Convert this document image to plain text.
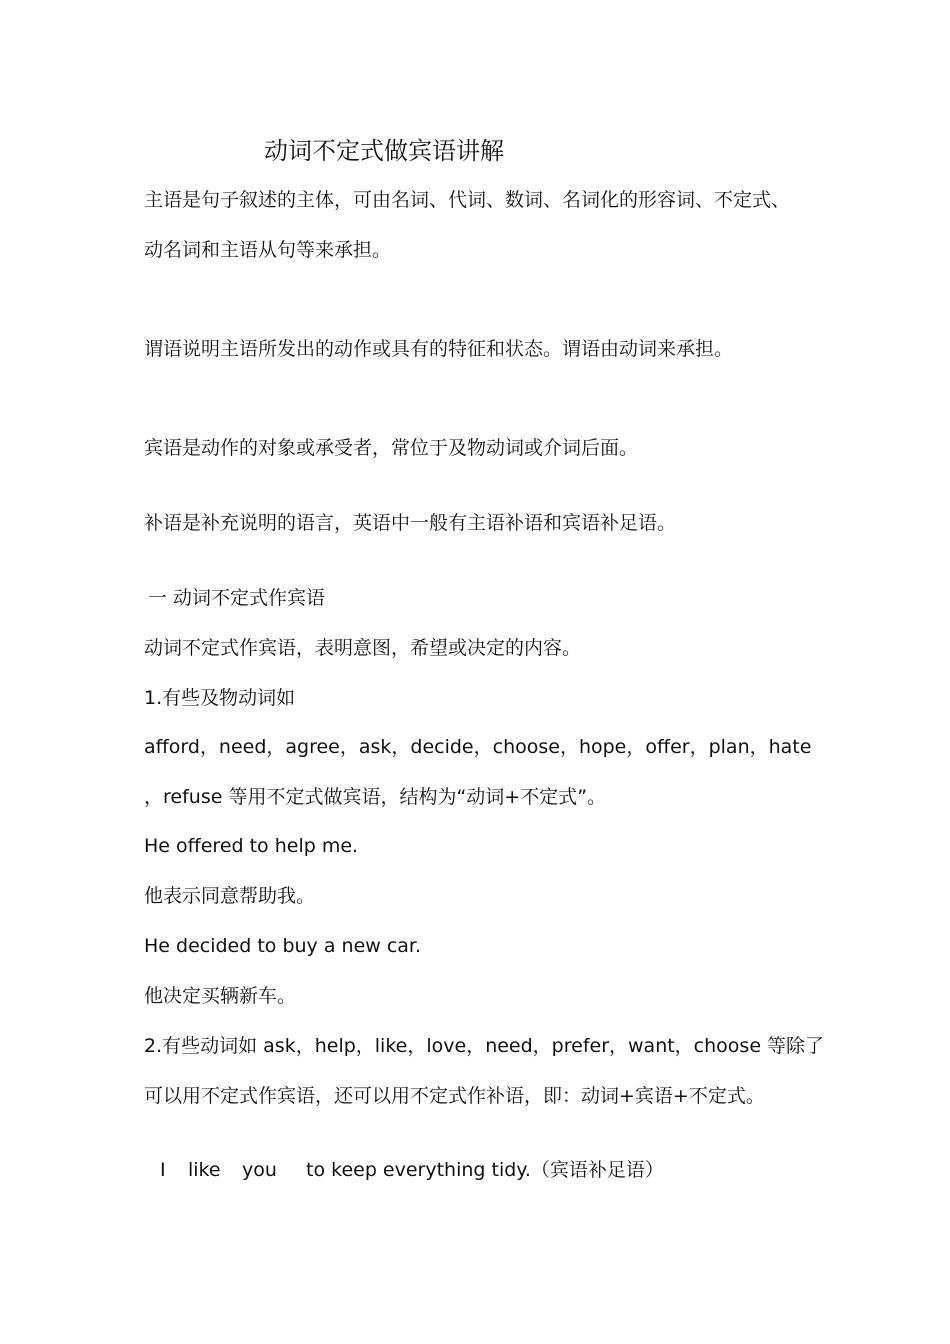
动词不定式做宾语讲解
主语是句子叙述的主体，可由名词、代词、数词、名词化的形容词、不定式、
动名词和主语从句等来承担。
谓语说明主语所发出的动作或具有的特征和状态。谓语由动词来承担。
宾语是动作的对象或承受者，常位于及物动词或介词后面。
补语是补充说明的语言，英语中一般有主语补语和宾语补足语。
一 动词不定式作宾语
动词不定式作宾语，表明意图，希望或决定的内容。
1.有些及物动词如
afford，need，agree，ask，decide，choose，hope，offer，plan，hate
，refuse 等用不定式做宾语，结构为“动词+不定式”。
He offered to help me.
他表示同意帮助我。
He decided to buy a new car.
他决定买辆新车。
2.有些动词如 ask，help，like，love，need，prefer，want，choose 等除了
可以用不定式作宾语，还可以用不定式作补语，即：动词+宾语+不定式。
I like you to keep everything tidy.（宾语补足语）
